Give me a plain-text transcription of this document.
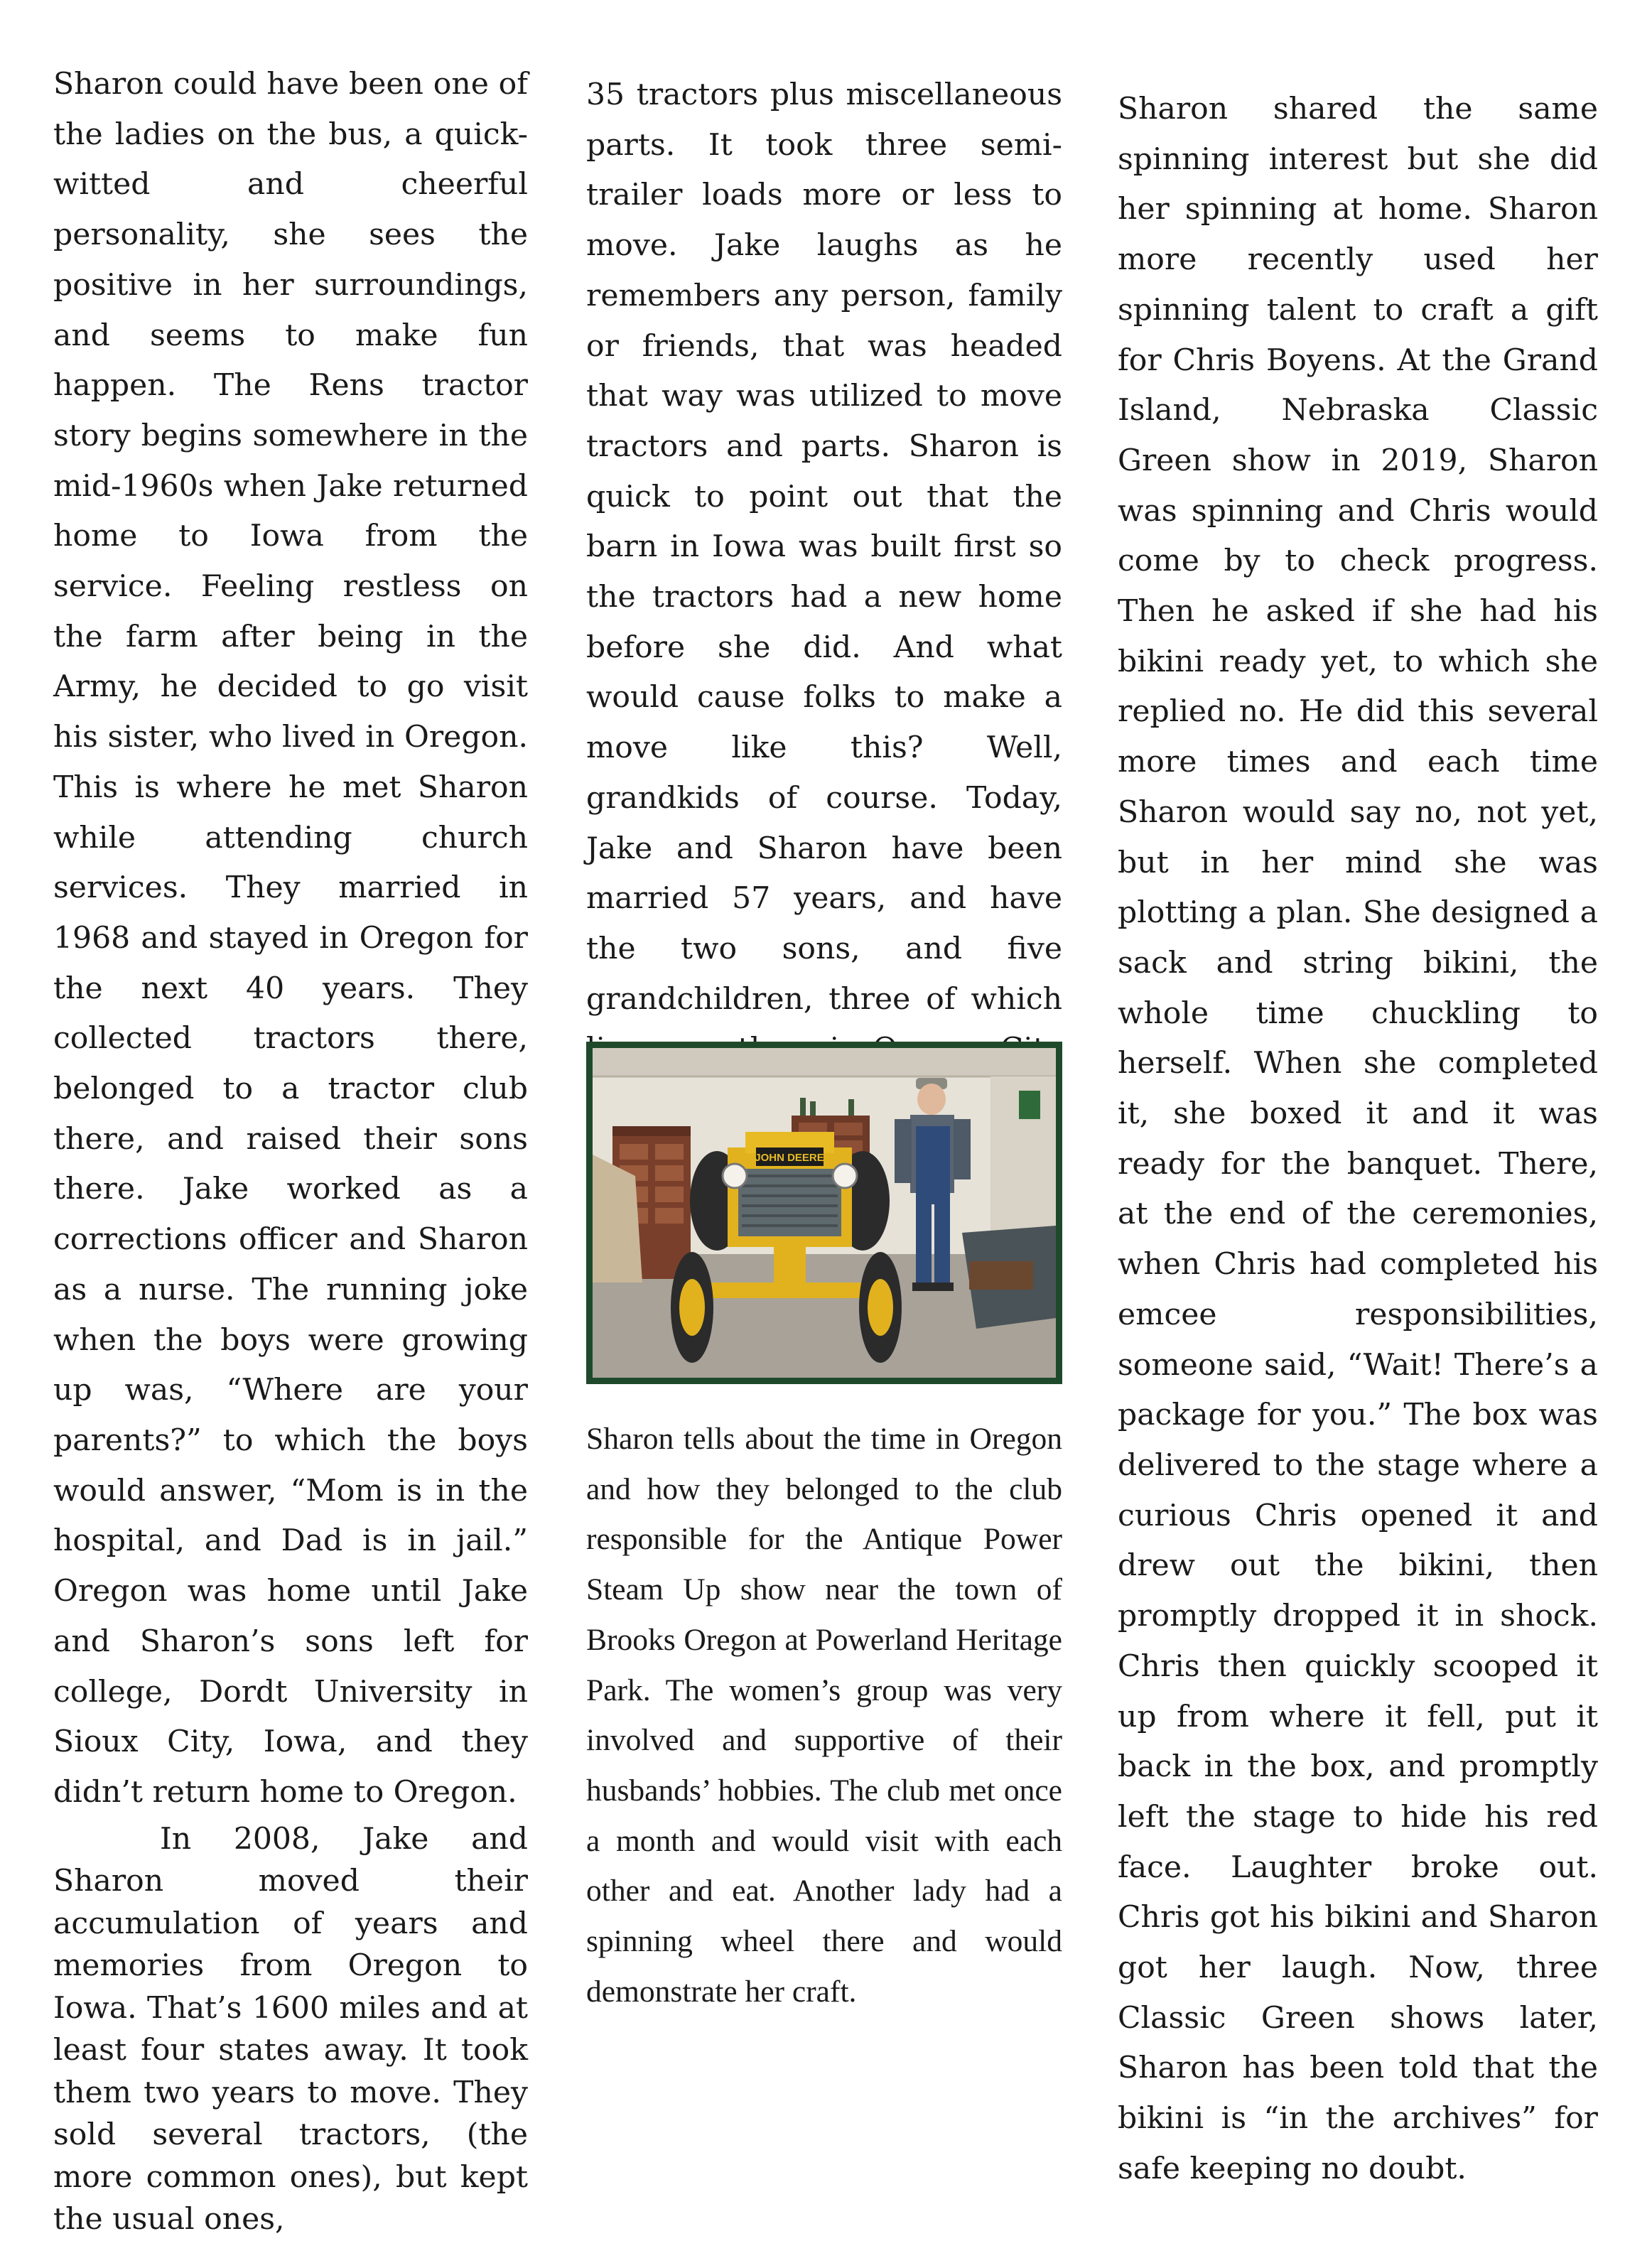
Sharon could have been one of the ladies on the bus, a quick-witted and cheerful personality, she sees the positive in her surroundings, and seems to make fun happen. The Rens tractor story begins somewhere in the mid-1960s when Jake returned home to Iowa from the service. Feeling restless on the farm after being in the Army, he decided to go visit his sister, who lived in Oregon. This is where he met Sharon while attending church services. They married in 1968 and stayed in Oregon for the next 40 years. They collected tractors there, belonged to a tractor club there, and raised their sons there. Jake worked as a corrections officer and Sharon as a nurse. The running joke when the boys were growing up was, “Where are your parents?” to which the boys would answer, “Mom is in the hospital, and Dad is in jail.” Oregon was home until Jake and Sharon’s sons left for college, Dordt University in Sioux City, Iowa, and they didn’t return home to Oregon.

In 2008, Jake and Sharon moved their accumulation of years and memories from Oregon to Iowa. That’s 1600 miles and at least four states away. It took them two years to move. They sold several tractors, (the more common ones), but kept the usual ones,

35 tractors plus miscellaneous parts. It took three semi-trailer loads more or less to move. Jake laughs as he remembers any person, family or friends, that was headed that way was utilized to move tractors and parts. Sharon is quick to point out that the barn in Iowa was built first so the tractors had a new home before she did. And what would cause folks to make a move like this? Well, grandkids of course. Today, Jake and Sharon have been married 57 years, and have the two sons, and five grandchildren, three of which

JOHN DEERE

Sharon tells about the time in Oregon and how they belonged to the club responsible for the Antique Power Steam Up show near the town of Brooks Oregon at Powerland Heritage Park. The women’s group was very involved and supportive of their husbands’ hobbies. The club met once a month and would visit with each other and eat. Another lady had a spinning wheel there and would demonstrate her craft.

Sharon shared the same spinning interest but she did her spinning at home. Sharon more recently used her spinning talent to craft a gift for Chris Boyens. At the Grand Island, Nebraska Classic Green show in 2019, Sharon was spinning and Chris would come by to check progress. Then he asked if she had his bikini ready yet, to which she replied no. He did this several more times and each time Sharon would say no, not yet, but in her mind she was plotting a plan. She designed a sack and string bikini, the whole time chuckling to herself. When she completed it, she boxed it and it was ready for the banquet. There, at the end of the ceremonies, when Chris had completed his emcee responsibilities, someone said, “Wait! There’s a package for you.” The box was delivered to the stage where a curious Chris opened it and drew out the bikini, then promptly dropped it in shock. Chris then quickly scooped it up from where it fell, put it back in the box, and promptly left the stage to hide his red face. Laughter broke out. Chris got his bikini and Sharon got her laugh. Now, three Classic Green shows later, Sharon has been told that the bikini is “in the archives” for safe keeping no doubt.
